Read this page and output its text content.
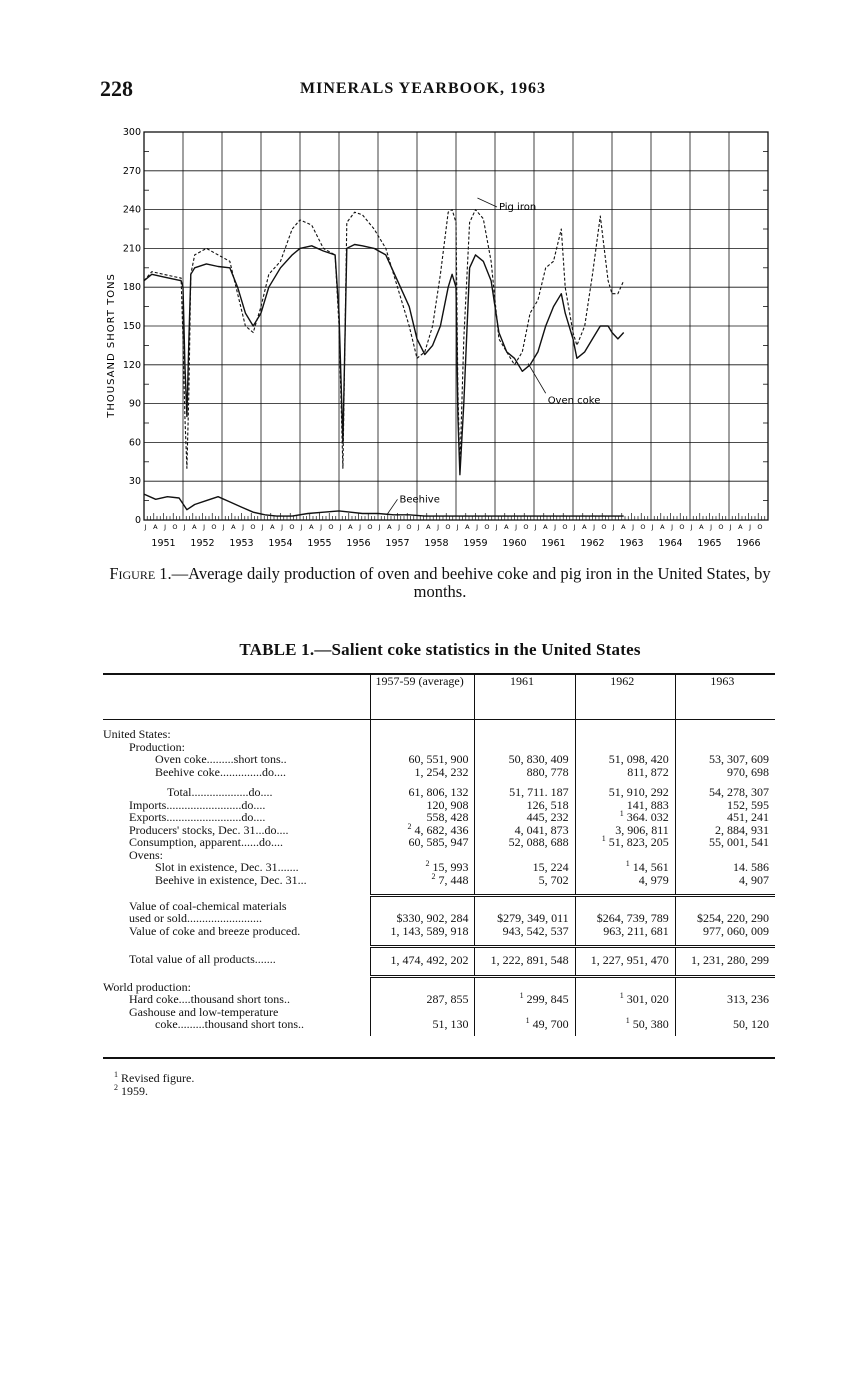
228	MINERALS YEARBOOK, 1963
0
30
60
90
120
150
180
210
240
270
300
THOUSAND SHORT TONS
J A J O J A J O J A J O J A J O J A J O J A J O J A J O J A J O J A J O J A J O J A J O J A J O J A J O J A J O J A J O J A J O
1951 1952 1953 1954 1955 1956 1957 1958 1959 1960 1961 1962 1963 1964 1965 1966
Pig iron
Oven coke
Beehive
Figure 1.—Average daily production of oven and beehive coke and pig iron in the United States, by months.
TABLE 1.—Salient coke statistics in the United States
	1957-59 (average)	1961	1962	1963

United States:				
Production:				
Oven coke.........short tons..	60, 551, 900	50, 830, 409	51, 098, 420	53, 307, 609
Beehive coke..............do....	1, 254, 232	880, 778	811, 872	970, 698

Total...................do....	61, 806, 132	51, 711. 187	51, 910, 292	54, 278, 307
Imports.........................do....	120, 908	126, 518	141, 883	152, 595
Exports.........................do....	558, 428	445, 232	$^1$ 364. 032	451, 241
Producers' stocks, Dec. 31...do....	$^2$ 4, 682, 436	4, 041, 873	3, 906, 811	2, 884, 931
Consumption, apparent......do....	60, 585, 947	52, 088, 688	$^1$ 51, 823, 205	55, 001, 541
Ovens:				
Slot in existence, Dec. 31.......	$^2$ 15, 993	15, 224	$^1$ 14, 561	14. 586
Beehive in existence, Dec. 31...	$^2$ 7, 448	5, 702	4, 979	4, 907

Value of coal-chemical materials				
used or sold.........................	$330, 902, 284	$279, 349, 011	$264, 739, 789	$254, 220, 290
Value of coke and breeze produced.	1, 143, 589, 918	943, 542, 537	963, 211, 681	977, 060, 009

Total value of all products.......	1, 474, 492, 202	1, 222, 891, 548	1, 227, 951, 470	1, 231, 280, 299
World production:				
Hard coke....thousand short tons..	287, 855	$^1$ 299, 845	$^1$ 301, 020	313, 236
Gashouse and low-temperature				
coke.........thousand short tons..	51, 130	$^1$ 49, 700	$^1$ 50, 380	50, 120
$^1$ Revised figure.
$^2$ 1959.
